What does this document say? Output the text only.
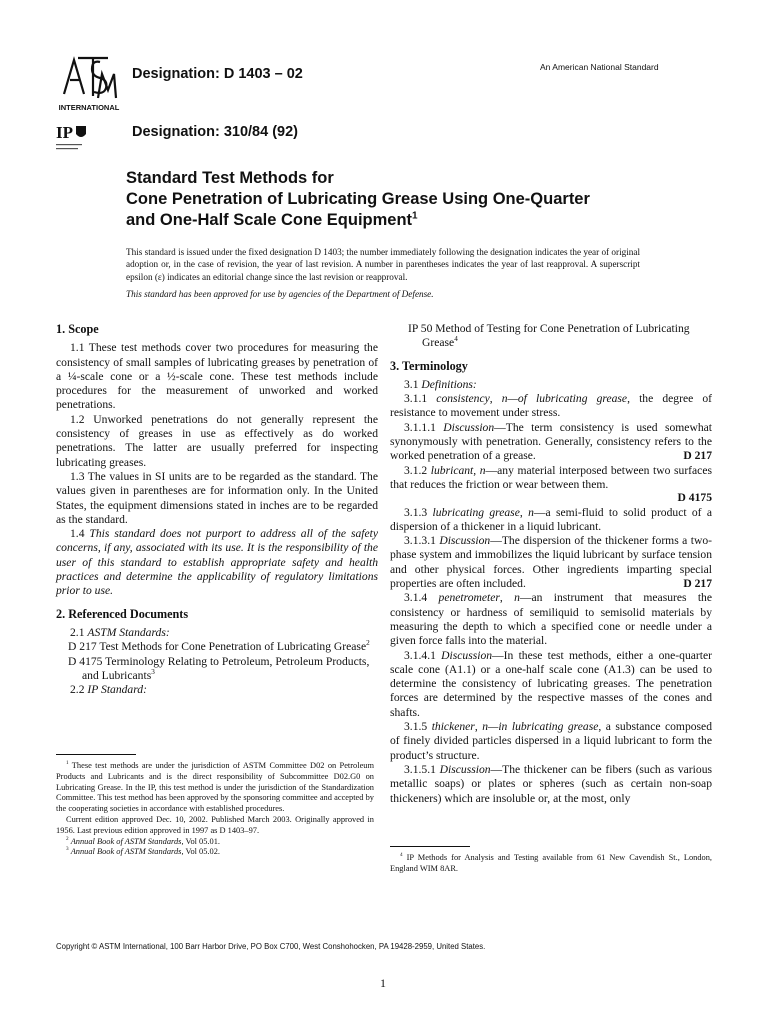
INTERNATIONAL
IP
Designation: D 1403 – 02
Designation: 310/84 (92)
An American National Standard
Standard Test Methods for
Cone Penetration of Lubricating Grease Using One-Quarter
and One-Half Scale Cone Equipment$^1$
This standard is issued under the fixed designation D 1403; the number immediately following the designation indicates the year of original adoption or, in the case of revision, the year of last revision. A number in parentheses indicates the year of last reapproval. A superscript epsilon (ε) indicates an editorial change since the last revision or reapproval.
This standard has been approved for use by agencies of the Department of Defense.
1. Scope

1.1 These test methods cover two procedures for measuring the consistency of small samples of lubricating greases by penetration of a ¼-scale cone or a ½-scale cone. These test methods include procedures for the measurement of unworked and worked penetrations.

1.2 Unworked penetrations do not generally represent the consistency of greases in use as effectively as do worked penetrations. The latter are usually preferred for inspecting lubricating greases.

1.3 The values in SI units are to be regarded as the standard. The values given in parentheses are for information only. In the United States, the equipment dimensions stated in inches are to be regarded as the standard.

1.4 This standard does not purport to address all of the safety concerns, if any, associated with its use. It is the responsibility of the user of this standard to establish appropriate safety and health practices and determine the applicability of regulatory limitations prior to use.

2. Referenced Documents

2.1 ASTM Standards:

D 217 Test Methods for Cone Penetration of Lubricating Grease$^2$

D 4175 Terminology Relating to Petroleum, Petroleum Products, and Lubricants$^3$

2.2 IP Standard:

$^1$ These test methods are under the jurisdiction of ASTM Committee D02 on Petroleum Products and Lubricants and is the direct responsibility of Subcommittee D02.G0 on Lubricating Grease. In the IP, this test method is under the jurisdiction of the Standardization Committee. This test method has been approved by the sponsoring committee and accepted by the cooperating societies in accordance with established procedures.

Current edition approved Dec. 10, 2002. Published March 2003. Originally approved in 1956. Last previous edition approved in 1997 as D 1403–97.

$^2$ Annual Book of ASTM Standards, Vol 05.01.

$^3$ Annual Book of ASTM Standards, Vol 05.02.

IP 50 Method of Testing for Cone Penetration of Lubricating Grease$^4$

3. Terminology

3.1 Definitions:

3.1.1 consistency, n—of lubricating grease, the degree of resistance to movement under stress.

3.1.1.1 Discussion—The term consistency is used somewhat synonymously with penetration. Generally, consistency refers to the worked penetration of a grease.	D 217

3.1.2 lubricant, n—any material interposed between two surfaces that reduces the friction or wear between them.

D 4175

3.1.3 lubricating grease, n—a semi-fluid to solid product of a dispersion of a thickener in a liquid lubricant.

3.1.3.1 Discussion—The dispersion of the thickener forms a two-phase system and immobilizes the liquid lubricant by surface tension and other physical forces. Other ingredients imparting special properties are often included.	D 217

3.1.4 penetrometer, n—an instrument that measures the consistency or hardness of semiliquid to semisolid materials by measuring the depth to which a specified cone or needle under a given force falls into the material.

3.1.4.1 Discussion—In these test methods, either a one-quarter scale cone (A1.1) or a one-half scale cone (A1.3) can be used to determine the consistency of lubricating greases. The penetration forces are determined by the respective masses of the cones and shafts.

3.1.5 thickener, n—in lubricating grease, a substance composed of finely divided particles dispersed in a liquid lubricant to form the product’s structure.

3.1.5.1 Discussion—The thickener can be fibers (such as various metallic soaps) or plates or spheres (such as certain non-soap thickeners) which are insoluble or, at the most, only

$^4$ IP Methods for Analysis and Testing available from 61 New Cavendish St., London, England WIM 8AR.

Copyright © ASTM International, 100 Barr Harbor Drive, PO Box C700, West Conshohocken, PA 19428-2959, United States.
1
